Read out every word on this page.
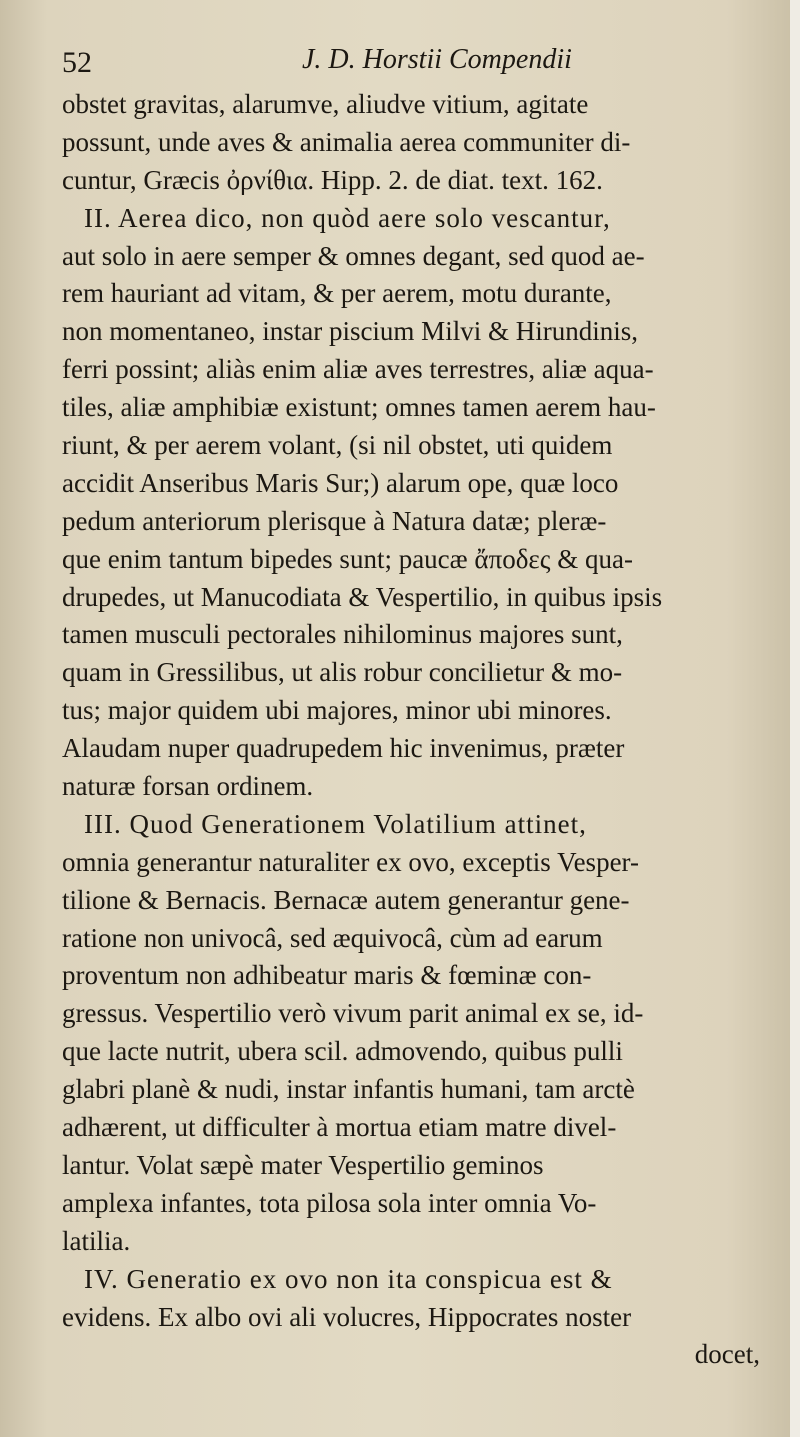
52	J. D. Horstii Compendii
obstet gravitas, alarumve, aliudve vitium, agitate
possunt, unde aves & animalia aerea communiter di-
cuntur, Græcis ὀρνίθια. Hipp. 2. de diat. text. 162.
II. Aerea dico, non quòd aere solo vescantur,
aut solo in aere semper & omnes degant, sed quod ae-
rem hauriant ad vitam, & per aerem, motu durante,
non momentaneo, instar piscium Milvi & Hirundinis,
ferri possint; aliàs enim aliæ aves terrestres, aliæ aqua-
tiles, aliæ amphibiæ existunt; omnes tamen aerem hau-
riunt, & per aerem volant, (si nil obstet, uti quidem
accidit Anseribus Maris Sur;) alarum ope, quæ loco
pedum anteriorum plerisque à Natura datæ; pleræ-
que enim tantum bipedes sunt; paucæ ἄποδες & qua-
drupedes, ut Manucodiata & Vespertilio, in quibus ipsis
tamen musculi pectorales nihilominus majores sunt,
quam in Gressilibus, ut alis robur concilietur & mo-
tus; major quidem ubi majores, minor ubi minores.
Alaudam nuper quadrupedem hic invenimus, præter
naturæ forsan ordinem.
III. Quod Generationem Volatilium attinet,
omnia generantur naturaliter ex ovo, exceptis Vesper-
tilione & Bernacis. Bernacæ autem generantur gene-
ratione non univocâ, sed æquivocâ, cùm ad earum
proventum non adhibeatur maris & fœminæ con-
gressus. Vespertilio verò vivum parit animal ex se, id-
que lacte nutrit, ubera scil. admovendo, quibus pulli
glabri planè & nudi, instar infantis humani, tam arctè
adhærent, ut difficulter à mortua etiam matre divel-
lantur. Volat sæpè mater Vespertilio geminos
amplexa infantes, tota pilosa sola inter omnia Vo-
latilia.
IV. Generatio ex ovo non ita conspicua est &
evidens. Ex albo ovi ali volucres, Hippocrates noster
docet,
